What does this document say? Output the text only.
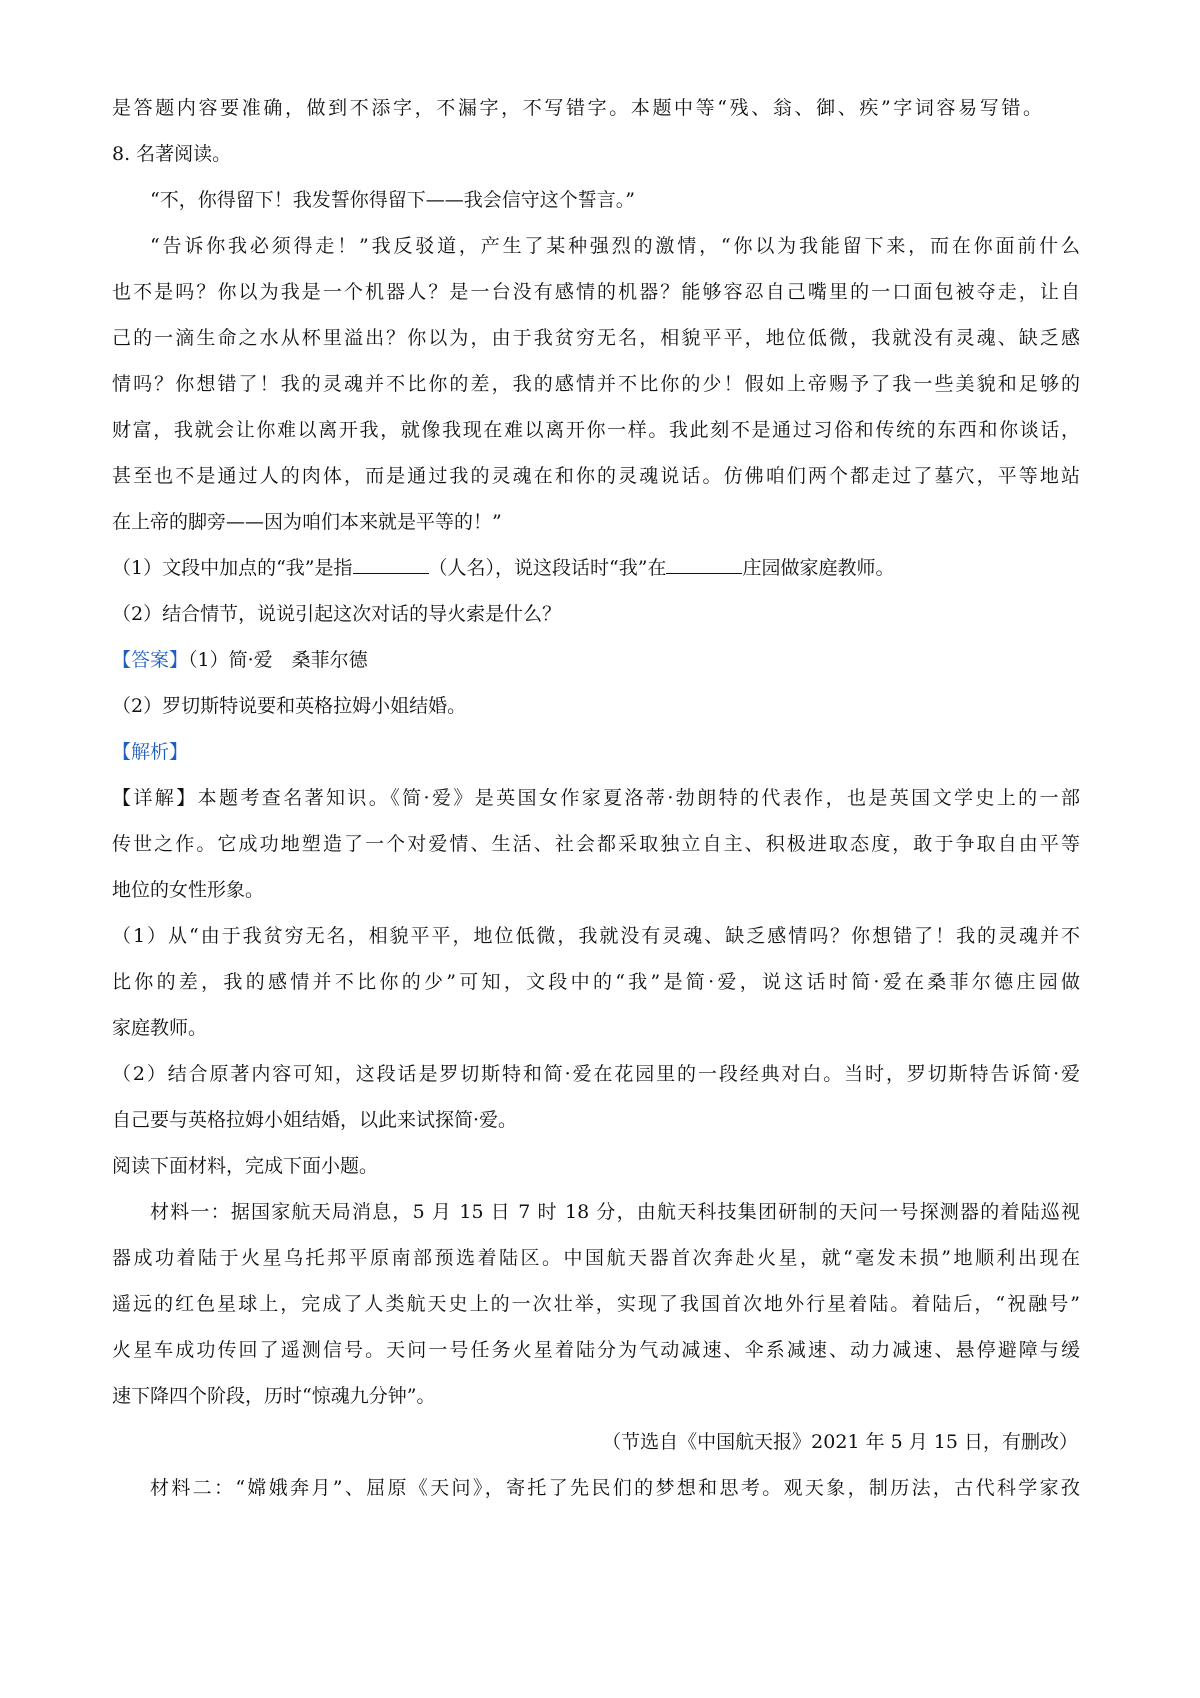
是答题内容要准确，做到不添字，不漏字，不写错字。本题中等“残、翁、御、疾”字词容易写错。
8. 名著阅读。
“不，你得留下！我发誓你得留下——我会信守这个誓言。”
“告诉你我必须得走！”我反驳道，产生了某种强烈的激情，“你以为我能留下来，而在你面前什么
也不是吗？你以为我是一个机器人？是一台没有感情的机器？能够容忍自己嘴里的一口面包被夺走，让自
己的一滴生命之水从杯里溢出？你以为，由于我贫穷无名，相貌平平，地位低微，我就没有灵魂、缺乏感
情吗？你想错了！我的灵魂并不比你的差，我的感情并不比你的少！假如上帝赐予了我一些美貌和足够的
财富，我就会让你难以离开我，就像我现在难以离开你一样。我此刻不是通过习俗和传统的东西和你谈话，
甚至也不是通过人的肉体，而是通过我的灵魂在和你的灵魂说话。仿佛咱们两个都走过了墓穴，平等地站
在上帝的脚旁——因为咱们本来就是平等的！”
（1）文段中加点的“我”是指	（人名），说这段话时“我”在	庄园做家庭教师。
（2）结合情节，说说引起这次对话的导火索是什么？
【答案】（1）简·爱　桑菲尔德
（2）罗切斯特说要和英格拉姆小姐结婚。
【解析】
【详解】本题考查名著知识。《简·爱》是英国女作家夏洛蒂·勃朗特的代表作，也是英国文学史上的一部
传世之作。它成功地塑造了一个对爱情、生活、社会都采取独立自主、积极进取态度，敢于争取自由平等
地位的女性形象。
（1）从“由于我贫穷无名，相貌平平，地位低微，我就没有灵魂、缺乏感情吗？你想错了！我的灵魂并不
比你的差，我的感情并不比你的少”可知，文段中的“我”是简·爱，说这话时简·爱在桑菲尔德庄园做
家庭教师。
（2）结合原著内容可知，这段话是罗切斯特和简·爱在花园里的一段经典对白。当时，罗切斯特告诉简·爱
自己要与英格拉姆小姐结婚，以此来试探简·爱。
阅读下面材料，完成下面小题。
材料一：据国家航天局消息，5 月 15 日 7 时 18 分，由航天科技集团研制的天问一号探测器的着陆巡视
器成功着陆于火星乌托邦平原南部预选着陆区。中国航天器首次奔赴火星，就“毫发未损”地顺利出现在
遥远的红色星球上，完成了人类航天史上的一次壮举，实现了我国首次地外行星着陆。着陆后，“祝融号”
火星车成功传回了遥测信号。天问一号任务火星着陆分为气动减速、伞系减速、动力减速、悬停避障与缓
速下降四个阶段，历时“惊魂九分钟”。
（节选自《中国航天报》2021 年 5 月 15 日，有删改）
材料二：“嫦娥奔月”、屈原《天问》，寄托了先民们的梦想和思考。观天象，制历法，古代科学家孜
